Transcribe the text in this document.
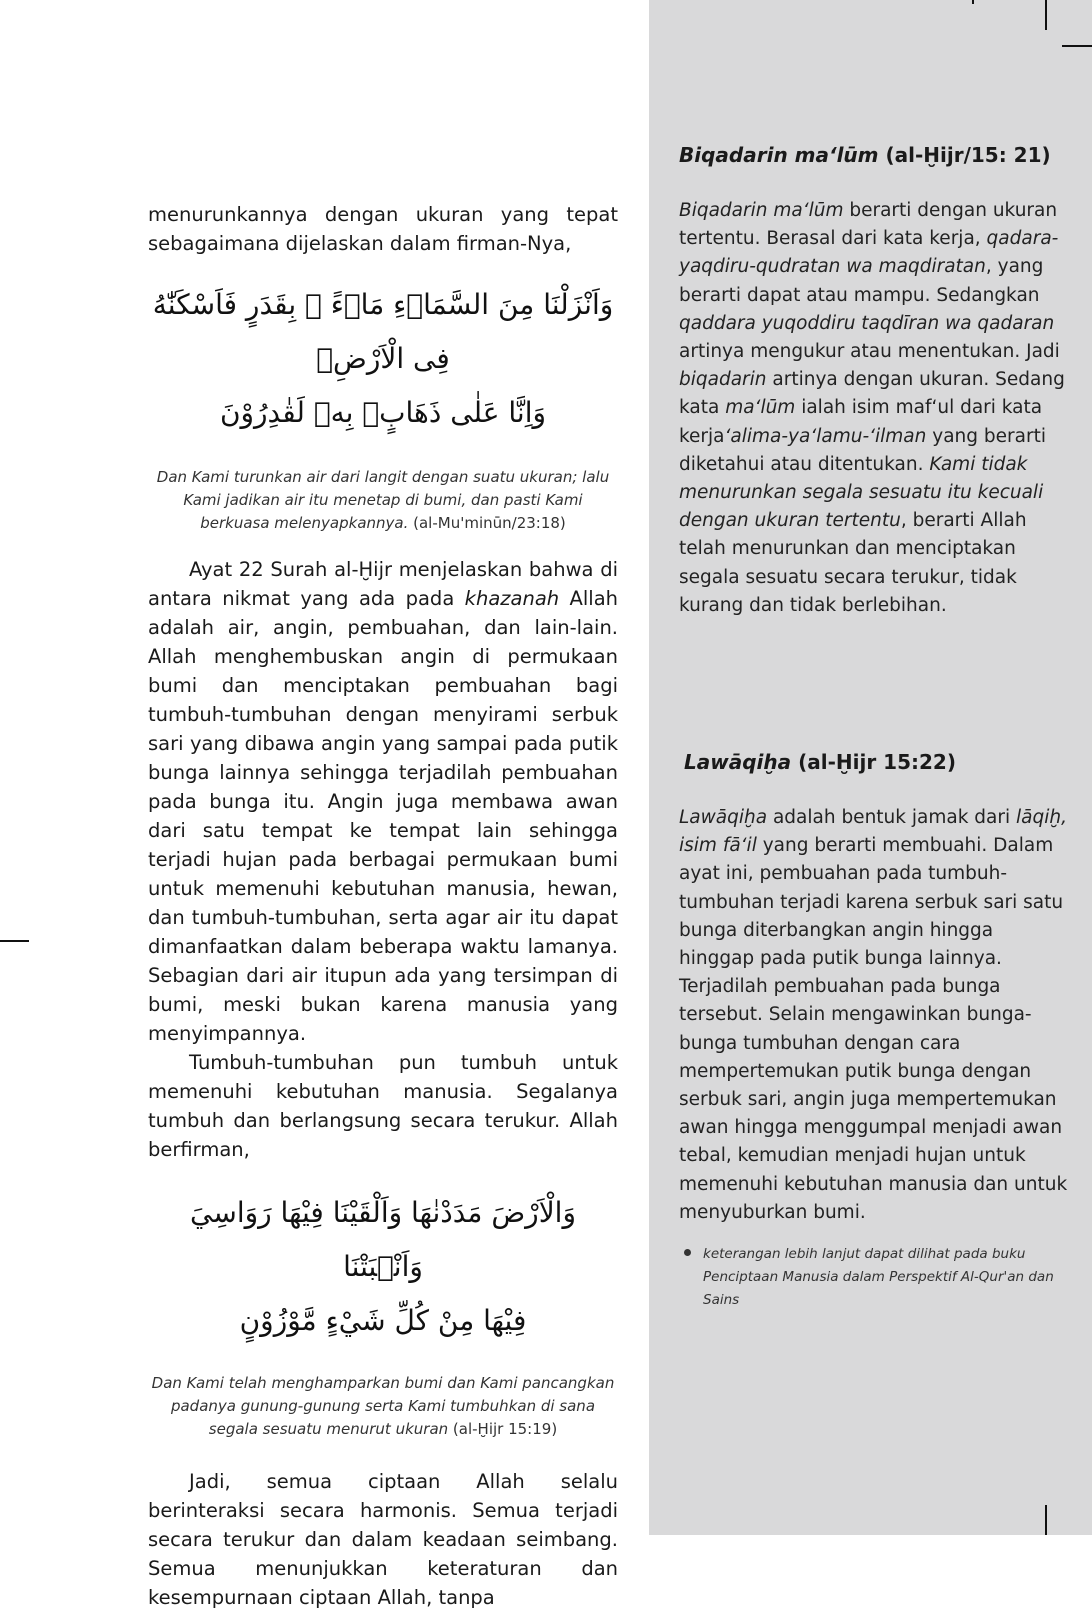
menurunkannya dengan ukuran yang tepat sebagaimana dijelaskan dalam firman-Nya,

وَاَنْزَلْنَا مِنَ السَّمَاۤءِ مَاۤءً ۢ بِقَدَرٍ فَاَسْكَنّٰهُ فِى الْاَرْضِۖ

وَاِنَّا عَلٰى ذَهَابٍۢ بِهٖ لَقٰدِرُوْنَ

Dan Kami turunkan air dari langit dengan suatu ukuran; lalu Kami jadikan air itu menetap di bumi, dan pasti Kami berkuasa melenyapkannya. (al-Mu'minūn/23:18)

Ayat 22 Surah al-Ḫijr menjelaskan bahwa di antara nikmat yang ada pada khazanah Allah adalah air, angin, pembuahan, dan lain-lain. Allah menghembuskan angin di permukaan bumi dan menciptakan pembuahan bagi tumbuh-tumbuhan dengan menyirami serbuk sari yang dibawa angin yang sampai pada putik bunga lainnya sehingga terjadilah pembuahan pada bunga itu. Angin juga membawa awan dari satu tempat ke tempat lain sehingga terjadi hujan pada berbagai permukaan bumi untuk memenuhi kebutuhan manusia, hewan, dan tumbuh-tumbuhan, serta agar air itu dapat dimanfaatkan dalam beberapa waktu lamanya. Sebagian dari air itupun ada yang tersimpan di bumi, meski bukan karena manusia yang menyimpannya.

Tumbuh-tumbuhan pun tumbuh untuk memenuhi kebutuhan manusia. Segalanya tumbuh dan berlangsung secara terukur. Allah berfirman,

وَالْاَرْضَ مَدَدْنٰهَا وَاَلْقَيْنَا فِيْهَا رَوَاسِيَ وَاَنْۢبَتْنَا

فِيْهَا مِنْ كُلِّ شَيْءٍ مَّوْزُوْنٍ

Dan Kami telah menghamparkan bumi dan Kami pancangkan padanya gunung-gunung serta Kami tumbuhkan di sana segala sesuatu menurut ukuran (al-Ḫijr 15:19)

Jadi, semua ciptaan Allah selalu berinteraksi secara harmonis. Semua terjadi secara terukur dan dalam keadaan seimbang. Semua menunjukkan keteraturan dan kesempurnaan ciptaan Allah, tanpa

Biqadarin ma‘lūm (al-Ḫijr/15: 21)

Biqadarin ma‘lūm berarti dengan ukuran tertentu. Berasal dari kata kerja, qadara-yaqdiru-qudratan wa maqdiratan, yang berarti dapat atau mampu. Sedangkan qaddara yuqoddiru taqdīran wa qadaran artinya mengukur atau menentukan. Jadi biqadarin artinya dengan ukuran. Sedang kata ma‘lūm ialah isim maf‘ul dari kata kerja‘alima-ya‘lamu-‘ilman yang berarti diketahui atau ditentukan. Kami tidak menurunkan segala sesuatu itu kecuali dengan ukuran tertentu, berarti Allah telah menurunkan dan menciptakan segala sesuatu secara terukur, tidak kurang dan tidak berlebihan.

Lawāqiḫa (al-Ḫijr 15:22)

Lawāqiḫa adalah bentuk jamak dari lāqiḫ, isim fā‘il yang berarti membuahi. Dalam ayat ini, pembuahan pada tumbuh-tumbuhan terjadi karena serbuk sari satu bunga diterbangkan angin hingga hinggap pada putik bunga lainnya. Terjadilah pembuahan pada bunga tersebut. Selain mengawinkan bunga-bunga tumbuhan dengan cara mempertemukan putik bunga dengan serbuk sari, angin juga mempertemukan awan hingga menggumpal menjadi awan tebal, kemudian menjadi hujan untuk memenuhi kebutuhan manusia dan untuk menyuburkan bumi.

keterangan lebih lanjut dapat dilihat pada buku Penciptaan Manusia dalam Perspektif Al-Qur'an dan Sains
